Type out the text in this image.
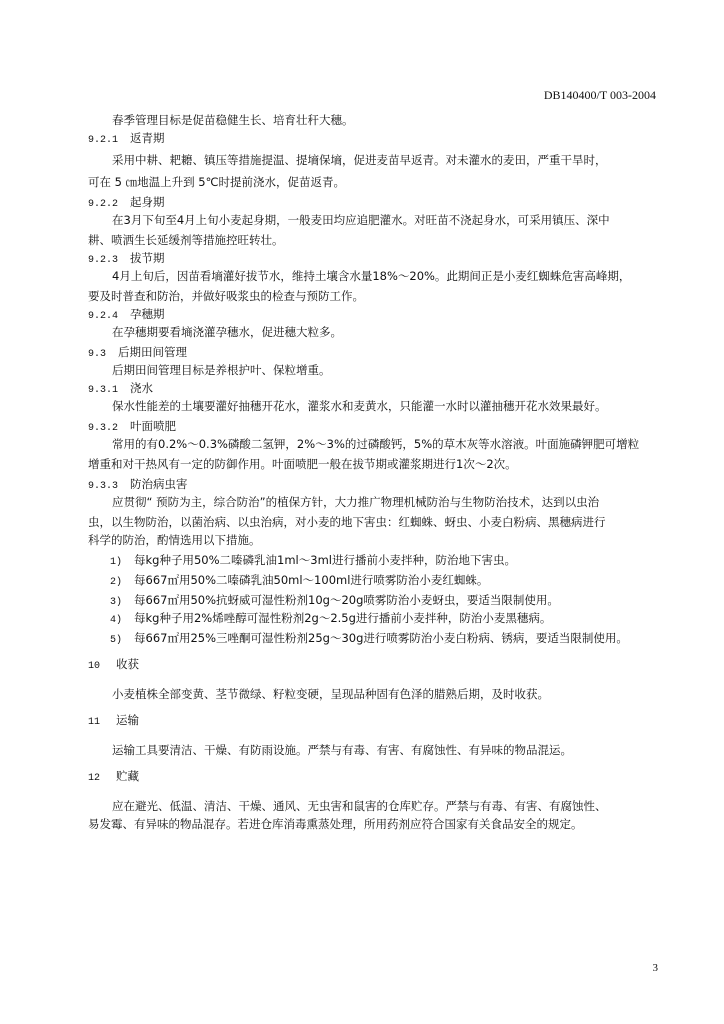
DB140400/T 003-2004
春季管理目标是促苗稳健生长、培育壮秆大穗。
9.2.1 返青期
采用中耕、耙耱、镇压等措施提温、提墒保墒，促进麦苗早返青。对未灌水的麦田，严重干旱时，
可在 5 ㎝地温上升到 5℃时提前浇水，促苗返青。
9.2.2 起身期
在3月下旬至4月上旬小麦起身期，一般麦田均应追肥灌水。对旺苗不浇起身水，可采用镇压、深中
耕、喷洒生长延缓剂等措施控旺转壮。
9.2.3 拔节期
4月上旬后，因苗看墒灌好拔节水，维持土壤含水量18%～20%。此期间正是小麦红蜘蛛危害高峰期，
要及时普查和防治，并做好吸浆虫的检查与预防工作。
9.2.4 孕穗期
在孕穗期要看墒浇灌孕穗水，促进穗大粒多。
9.3 后期田间管理
后期田间管理目标是养根护叶、保粒增重。
9.3.1 浇水
保水性能差的土壤要灌好抽穗开花水，灌浆水和麦黄水，只能灌一水时以灌抽穗开花水效果最好。
9.3.2 叶面喷肥
常用的有0.2%～0.3%磷酸二氢钾，2%～3%的过磷酸钙，5%的草木灰等水溶液。叶面施磷钾肥可增粒
增重和对干热风有一定的防御作用。叶面喷肥一般在拔节期或灌浆期进行1次～2次。
9.3.3 防治病虫害
应贯彻“ 预防为主，综合防治”的植保方针，大力推广物理机械防治与生物防治技术，达到以虫治
虫，以生物防治，以菌治病、以虫治病，对小麦的地下害虫：红蜘蛛、蚜虫、小麦白粉病、黑穗病进行
科学的防治，酌情选用以下措施。
1) 每kg种子用50%二嗪磷乳油1ml～3ml进行播前小麦拌种，防治地下害虫。
2) 每667㎡用50%二嗪磷乳油50ml～100ml进行喷雾防治小麦红蜘蛛。
3) 每667㎡用50%抗蚜威可湿性粉剂10g～20g喷雾防治小麦蚜虫，要适当限制使用。
4) 每kg种子用2%烯唑醇可湿性粉剂2g～2.5g进行播前小麦拌种，防治小麦黑穗病。
5) 每667㎡用25%三唑酮可湿性粉剂25g～30g进行喷雾防治小麦白粉病、锈病，要适当限制使用。
10 收获
小麦植株全部变黄、茎节微绿、籽粒变硬，呈现品种固有色泽的腊熟后期，及时收获。
11 运输
运输工具要清洁、干燥、有防雨设施。严禁与有毒、有害、有腐蚀性、有异味的物品混运。
12 贮藏
应在避光、低温、清洁、干燥、通风、无虫害和鼠害的仓库贮存。严禁与有毒、有害、有腐蚀性、
易发霉、有异味的物品混存。若进仓库消毒熏蒸处理，所用药剂应符合国家有关食品安全的规定。
3
